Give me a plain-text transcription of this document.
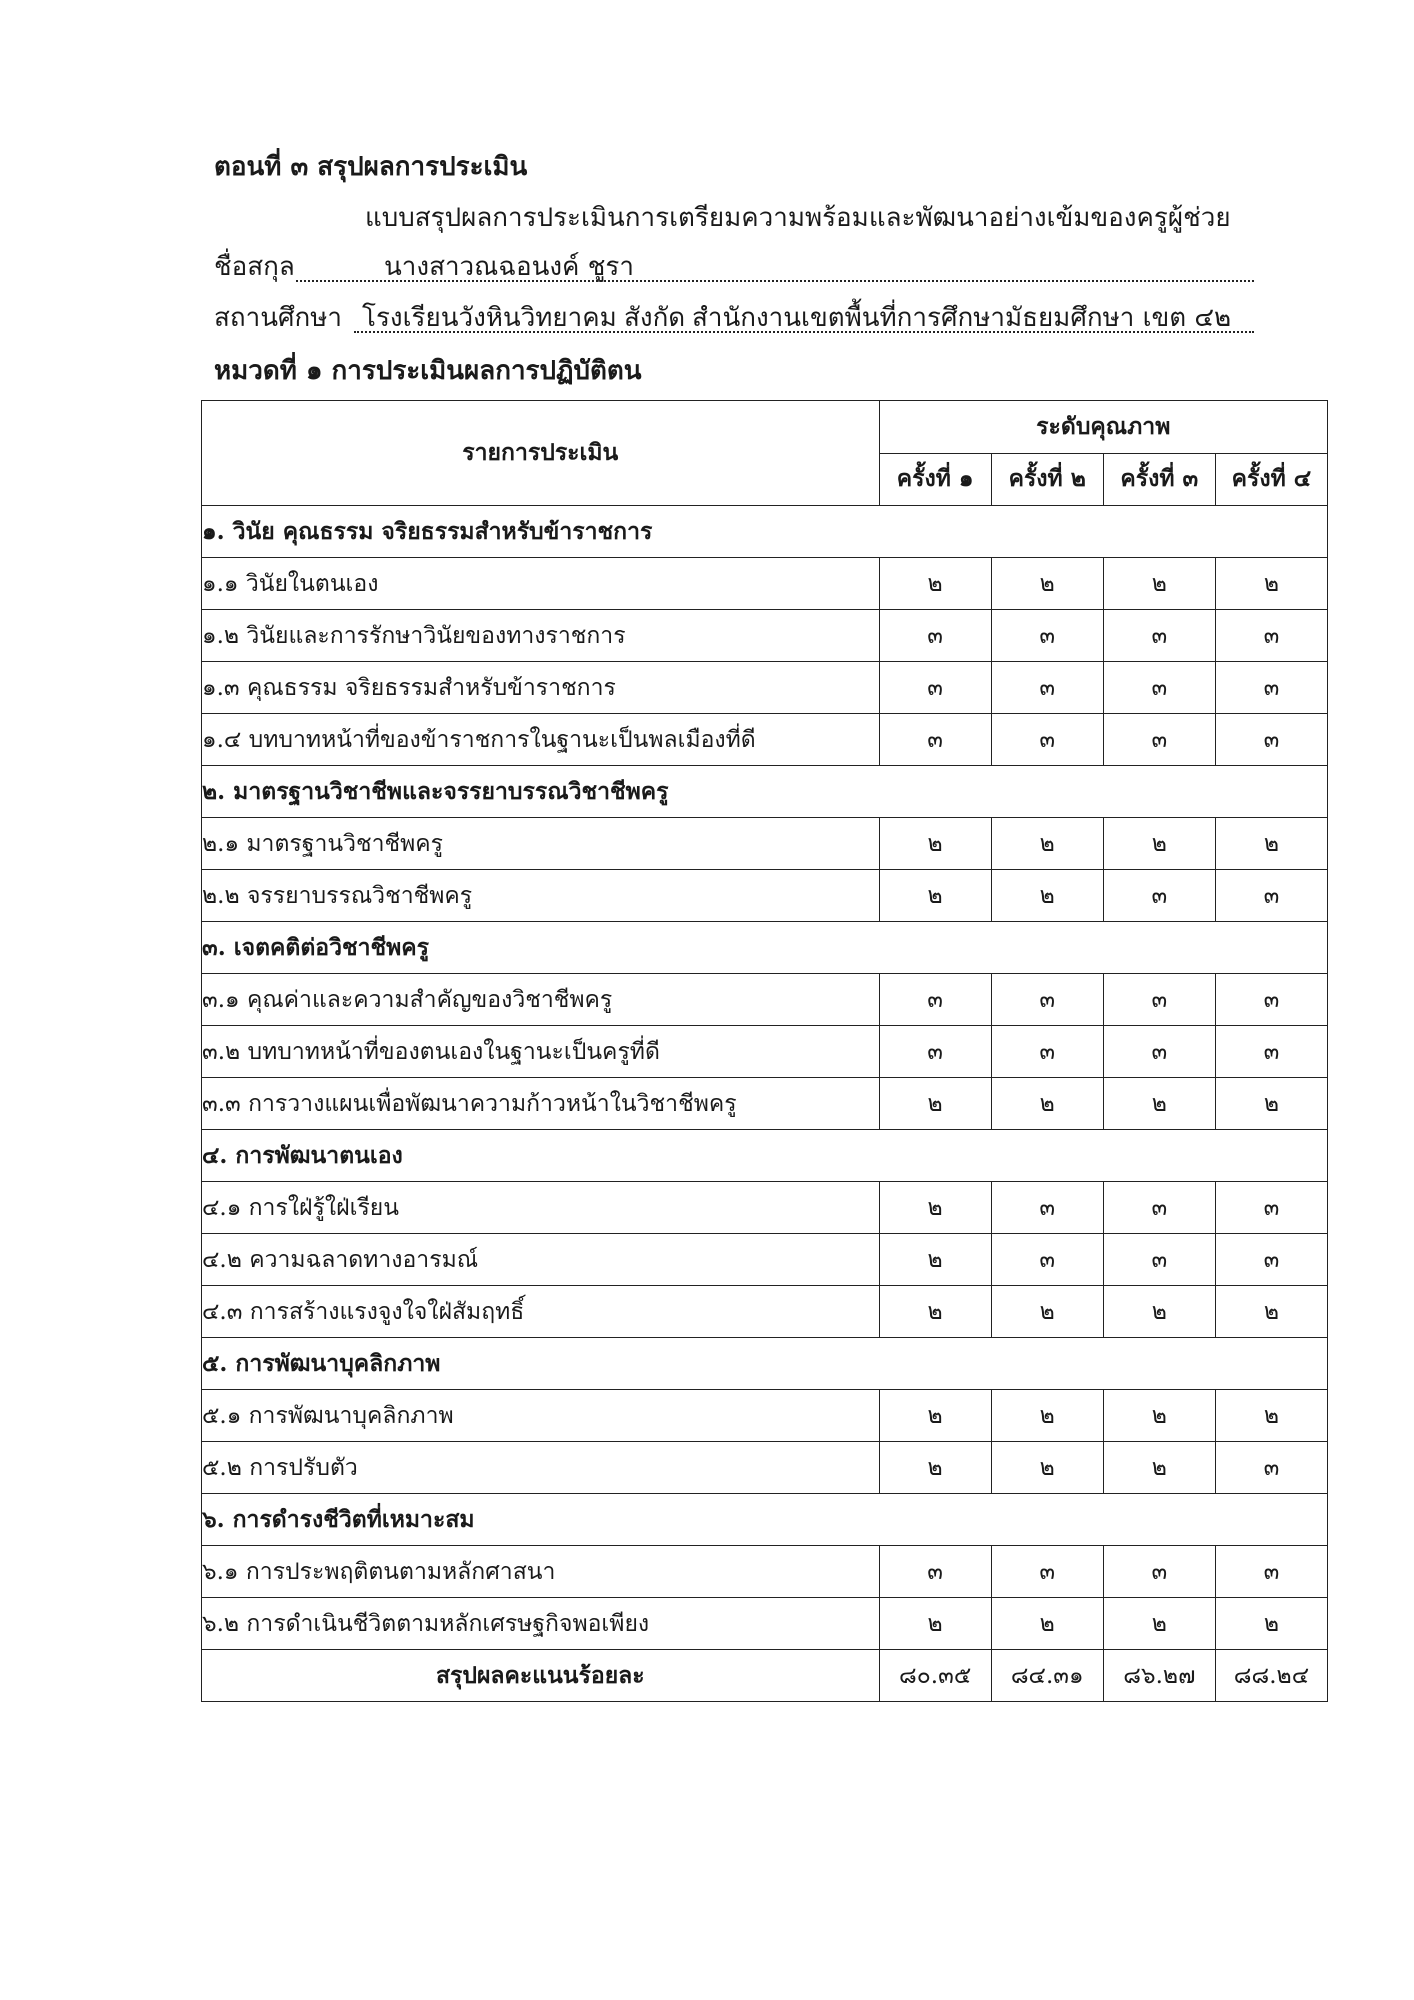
ตอนที่ ๓ สรุปผลการประเมิน
แบบสรุปผลการประเมินการเตรียมความพร้อมและพัฒนาอย่างเข้มของครูผู้ช่วย
ชื่อสกุล	นางสาวณฉอนงค์ ชูรา
สถานศึกษา โรงเรียนวังหินวิทยาคม สังกัด สำนักงานเขตพื้นที่การศึกษามัธยมศึกษา เขต ๔๒
หมวดที่ ๑ การประเมินผลการปฏิบัติตน
รายการประเมิน	ระดับคุณภาพ			
	ครั้งที่ ๑	ครั้งที่ ๒	ครั้งที่ ๓	ครั้งที่ ๔
๑. วินัย คุณธรรม จริยธรรมสำหรับข้าราชการ				
๑.๑ วินัยในตนเอง	๒	๒	๒	๒
๑.๒ วินัยและการรักษาวินัยของทางราชการ	๓	๓	๓	๓
๑.๓ คุณธรรม จริยธรรมสำหรับข้าราชการ	๓	๓	๓	๓
๑.๔ บทบาทหน้าที่ของข้าราชการในฐานะเป็นพลเมืองที่ดี	๓	๓	๓	๓
๒. มาตรฐานวิชาชีพและจรรยาบรรณวิชาชีพครู				
๒.๑ มาตรฐานวิชาชีพครู	๒	๒	๒	๒
๒.๒ จรรยาบรรณวิชาชีพครู	๒	๒	๓	๓
๓. เจตคติต่อวิชาชีพครู				
๓.๑ คุณค่าและความสำคัญของวิชาชีพครู	๓	๓	๓	๓
๓.๒ บทบาทหน้าที่ของตนเองในฐานะเป็นครูที่ดี	๓	๓	๓	๓
๓.๓ การวางแผนเพื่อพัฒนาความก้าวหน้าในวิชาชีพครู	๒	๒	๒	๒
๔. การพัฒนาตนเอง				
๔.๑ การใฝ่รู้ใฝ่เรียน	๒	๓	๓	๓
๔.๒ ความฉลาดทางอารมณ์	๒	๓	๓	๓
๔.๓ การสร้างแรงจูงใจใฝ่สัมฤทธิ์	๒	๒	๒	๒
๕. การพัฒนาบุคลิกภาพ				
๕.๑ การพัฒนาบุคลิกภาพ	๒	๒	๒	๒
๕.๒ การปรับตัว	๒	๒	๒	๓
๖. การดำรงชีวิตที่เหมาะสม				
๖.๑ การประพฤติตนตามหลักศาสนา	๓	๓	๓	๓
๖.๒ การดำเนินชีวิตตามหลักเศรษฐกิจพอเพียง	๒	๒	๒	๒
สรุปผลคะแนนร้อยละ	๘๐.๓๕	๘๔.๓๑	๘๖.๒๗	๘๘.๒๔
